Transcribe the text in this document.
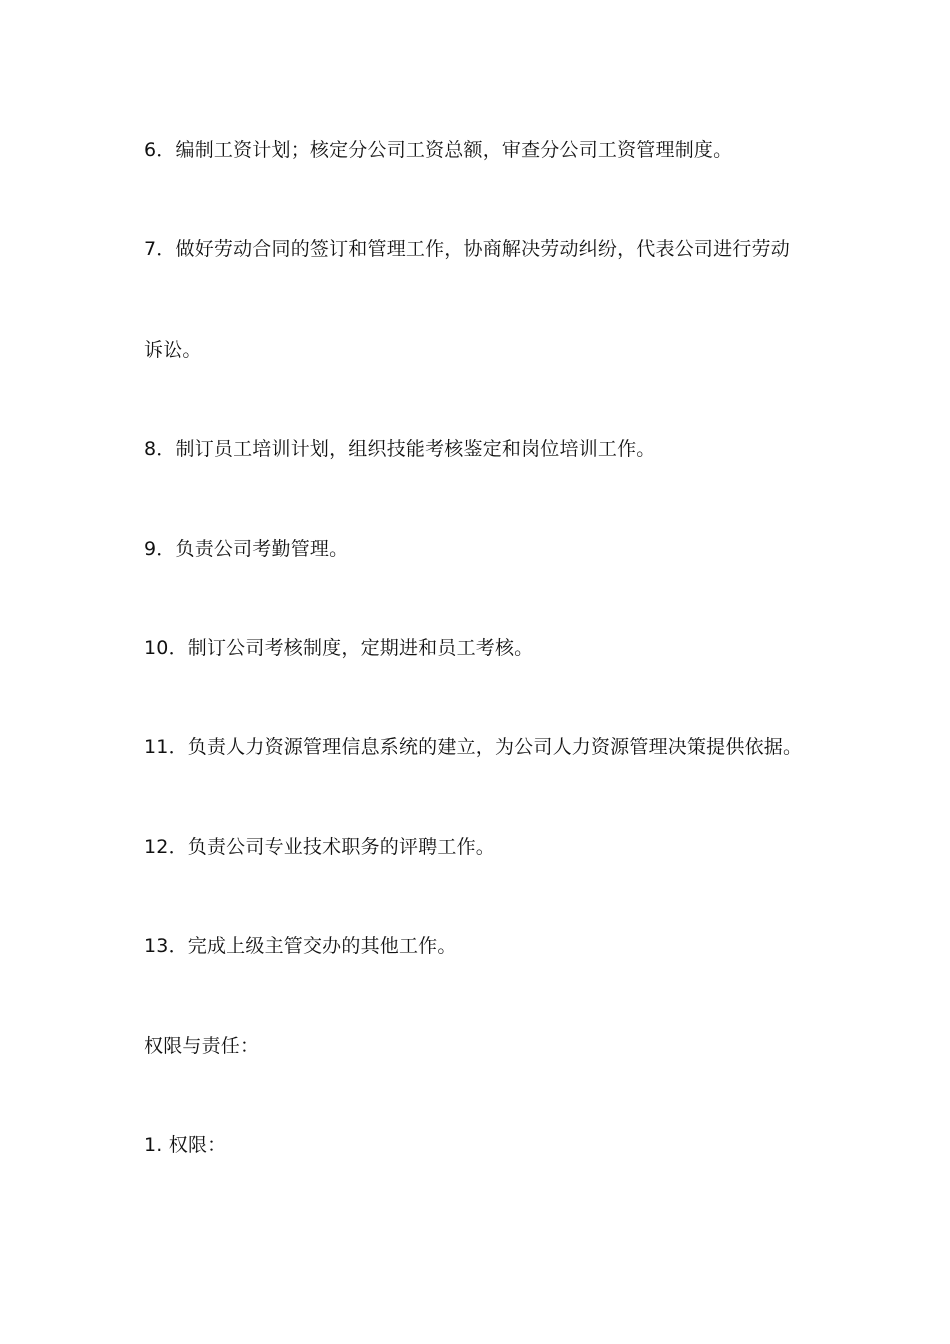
6．编制工资计划；核定分公司工资总额，审查分公司工资管理制度。
7．做好劳动合同的签订和管理工作，协商解决劳动纠纷，代表公司进行劳动
诉讼。
8．制订员工培训计划，组织技能考核鉴定和岗位培训工作。
9．负责公司考勤管理。
10．制订公司考核制度，定期进和员工考核。
11．负责人力资源管理信息系统的建立，为公司人力资源管理决策提供依据。
12．负责公司专业技术职务的评聘工作。
13．完成上级主管交办的其他工作。
权限与责任：
1. 权限：
